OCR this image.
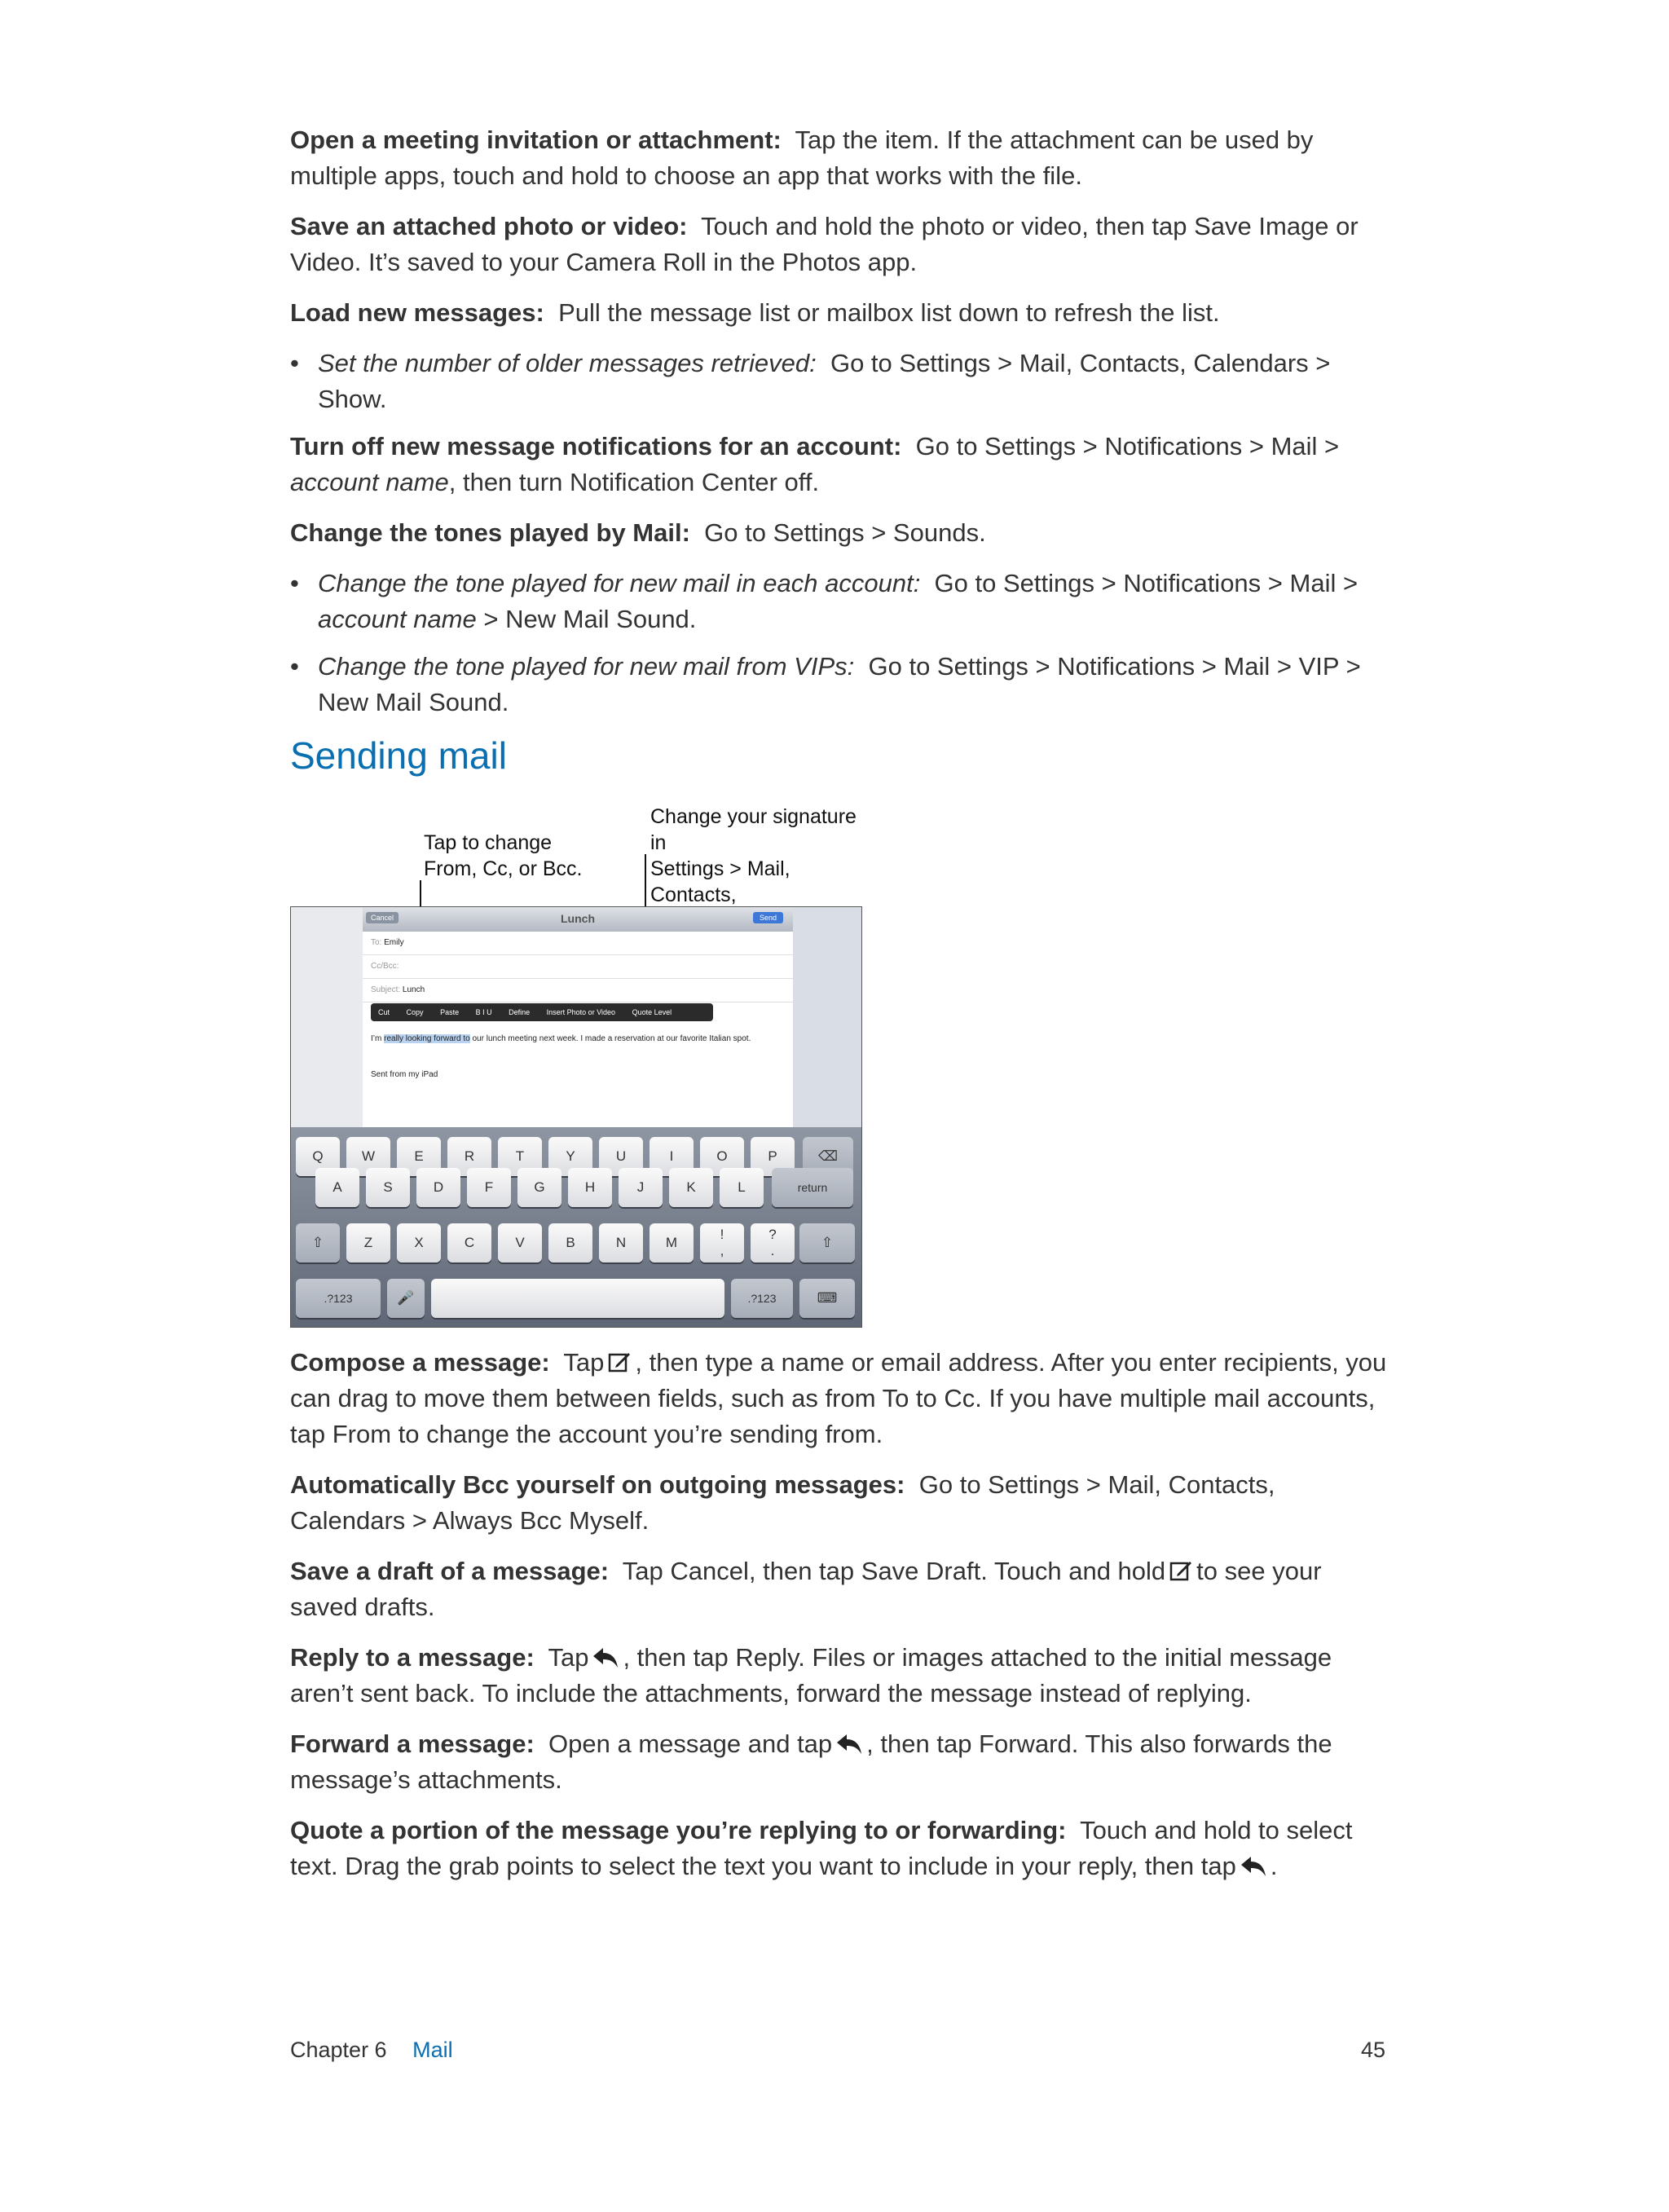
Open a meeting invitation or attachment: Tap the item. If the attachment can be used by multiple apps, touch and hold to choose an app that works with the file.

Save an attached photo or video: Touch and hold the photo or video, then tap Save Image or Video. It’s saved to your Camera Roll in the Photos app.

Load new messages: Pull the message list or mailbox list down to refresh the list.

• Set the number of older messages retrieved: Go to Settings > Mail, Contacts, Calendars > Show.

Turn off new message notifications for an account: Go to Settings > Notifications > Mail > account name, then turn Notification Center off.

Change the tones played by Mail: Go to Settings > Sounds.

• Change the tone played for new mail in each account: Go to Settings > Notifications > Mail > account name > New Mail Sound.
• Change the tone played for new mail from VIPs: Go to Settings > Notifications > Mail > VIP > New Mail Sound.
Sending mail
Tap to change
From, Cc, or Bcc.
Change your signature in
Settings > Mail, Contacts,
Cancel	Lunch	Send
To: Emily
Cc/Bcc:
Subject: Lunch
Cut Copy Paste B I U Define Insert Photo or Video Quote Level
I’m really looking forward to our lunch meeting next week. I made a reservation at our favorite Italian spot.
Sent from my iPad
Q	W	E	R	T	Y	U	I	O	P	⌫
A	S	D	F	G	H	J	K	L
Z	X	C	V	B	N	M
!
,
?
.
.?123	🎤	.?123	⌨
return
⇧	⇧

Compose a message: Tap , then type a name or email address. After you enter recipients, you can drag to move them between fields, such as from To to Cc. If you have multiple mail accounts, tap From to change the account you’re sending from.

Automatically Bcc yourself on outgoing messages: Go to Settings > Mail, Contacts, Calendars > Always Bcc Myself.

Save a draft of a message: Tap Cancel, then tap Save Draft. Touch and hold to see your saved drafts.

Reply to a message: Tap , then tap Reply. Files or images attached to the initial message aren’t sent back. To include the attachments, forward the message instead of replying.

Forward a message: Open a message and tap , then tap Forward. This also forwards the message’s attachments.

Quote a portion of the message you’re replying to or forwarding: Touch and hold to select text. Drag the grab points to select the text you want to include in your reply, then tap .

Chapter 6 Mail	45
